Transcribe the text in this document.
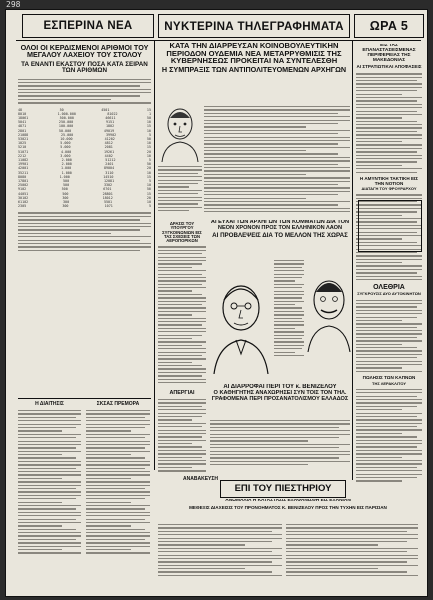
ΕΣΠΕΡΙΝΑ ΝΕΑ	ΝΥΚΤΕΡΙΝΑ ΤΗΛΕΓΡΑΦΗΜΑΤΑ ΩΡΑ 5
ΟΛΟΙ ΟΙ ΚΕΡΔΙΣΜΕΝΟΙ ΑΡΙΘΜΟΙ ΤΟΥ ΜΕΓΑΛΟΥ ΛΑΧΕΙΟΥ ΤΟΥ ΣΤΟΛΟΥ
ΤΑ ΕΝΑΝΤΙ ΕΚΑΣΤΟΥ ΠΟΣΑ ΚΑΤΑ ΣΕΙΡΑΝ ΤΩΝ ΑΡΙΘΜΩΝ
48	50	4501	15
8010	1.000.000	81022	1
18061	500.000	46611	50
5041	250.000	9151	10
4871	100.000	1802	15
2801	50.000	49019	10
21088	25.000	39902	5
53021	10.000	41202	50
1025	5.000	4812	10
5210	5.000	2081	15
51071	4.000	19261	20
2212	3.000	4402	10
11082	2.000	51212	5
19901	2.000	2401	50
42001	1.000	89004	20
35211	1.000	3110	10
8080	1.000	14510	15
17801	500	12081	5
25002	500	3302	10
9102	500	6701	50
44051	500	28801	15
30102	300	18012	20
61102	300	5501	10
2305	300	1071	5
Η ΔΙΑΙΤΗΣΙΣ	ΣΚΣΑΣ ΠΡΕΜΟΡΑ
ΚΑΤΑ ΤΗΝ ΔΙΑΡΡΕΥΣΑΝ ΚΟΙΝΟΒΟΥΛΕΥΤΙΚΗΝ ΠΕΡΙΟΔΟΝ ΟΥΔΕΜΙΑ ΝΕΑ ΜΕΤΑΡΡΥΘΜΙΣΙΣ ΤΗΣ ΚΥΒΕΡΝΗΣΕΩΣ ΠΡΟΚΕΙΤΑΙ ΝΑ ΣΥΝΤΕΛΕΣΘΗ
Η ΣΥΜΠΡΑΞΙΣ ΤΩΝ ΑΝΤΙΠΟΛΙΤΕΥΟΜΕΝΩΝ ΑΡΧΗΓΩΝ
ΔΡΑΣΙΣ ΤΟΥ ΥΠΟΥΡΓΟΥ ΣΥΓΚΟΙΝΩΝΙΩΝ ΕΙΣ ΤΑΣ ΣΧΕΣΕΙΣ ΤΩΝ ΑΕΡΟΠΟΡΙΚΩΝ
ΑΙ ΕΥΧΑΙ ΤΩΝ ΑΡΧΗΓΩΝ ΤΩΝ ΚΟΜΜΑΤΩΝ ΔΙΑ ΤΟΝ ΝΕΟΝ ΧΡΟΝΟΝ ΠΡΟΣ ΤΟΝ ΕΛΛΗΝΙΚΟΝ ΛΑΟΝ
ΑΙ ΠΡΟΒΛΕΨΕΙΣ ΔΙΑ ΤΟ ΜΕΛΛΟΝ ΤΗΣ ΧΩΡΑΣ
ΑΠΕΡΓΙΑΙ
ΑΙ ΔΙΑΡΡΟΦΑΙ ΠΕΡΙ ΤΟΥ κ. ΒΕΝΙΖΕΛΟΥ
Ο ΚΑΘΗΓΗΤΗΣ ΑΝΑΧΩΡΗΣΕΙ ΣΥΝ ΤΟΙΣ ΤΟΝ ΤΗΛ. ΓΡΑΦΟΜΕΝΑ ΠΕΡΙ ΠΡΟΣΑΝΑΤΟΛΙΣΜΟΥ ΕΛΛΑΔΟΣ
ΕΠΙ ΤΟΥ ΠΙΕΣΤΗΡΙΟΥ
ΑΝΩΜΑΛΙΑ Η ΚΑΤΑΣΤΑΣΙΣ ΕΞΑΦΑΝΙΣΘΗ ΕΙΣ ΕΞΑΝΙΑΝ
ΜΕΘΕΞΙΣ ΔΙΑΧΕΙΣΙΣ ΤΟΥ ΠΡΟΝΟΗΜΑΤΟΣ Κ. ΒΕΝΙΖΕΛΟΥ ΠΡΟΣ ΤΗΝ ΤΥΧΗΝ ΕΙΣ ΠΑΡΙΣΙΑΝ
ΑΝΑΒΑΚΕΥΣΗ
ΕΙΣ ΤΑΣ ΕΠΑΝΑΣΤΑΣΕΙΣΜΕΝΑΣ ΠΕΡΙΦΕΡΕΙΑΣ ΤΗΣ ΜΑΚΕΔΟΝΙΑΣ
ΑΙ ΣΤΡΑΤΙΩΤΙΚΑΙ ΑΠΟΦΑΣΕΙΣ
Η ΑΜΥΝΤΙΚΗ ΤΑΚΤΙΚΗ ΕΙΣ ΤΗΝ ΝΟΤΙΟΝ
ΔΙΑΤΑΓΗ ΤΟΥ ΦΡΟΥΡΑΡΧΟΥ
ΟΛΕΘΡΙΑ
ΣΥΓΚΡΟΥΣΙΣ ΔΥΟ ΑΥΤΟΚΙΝΗΤΩΝ
ΠΩΛΗΣΙΣ ΤΩΝ ΚΑΠΝΩΝ
ΤΗΣ ΛΕΡΑΚΛΙΤΟΥ
298
